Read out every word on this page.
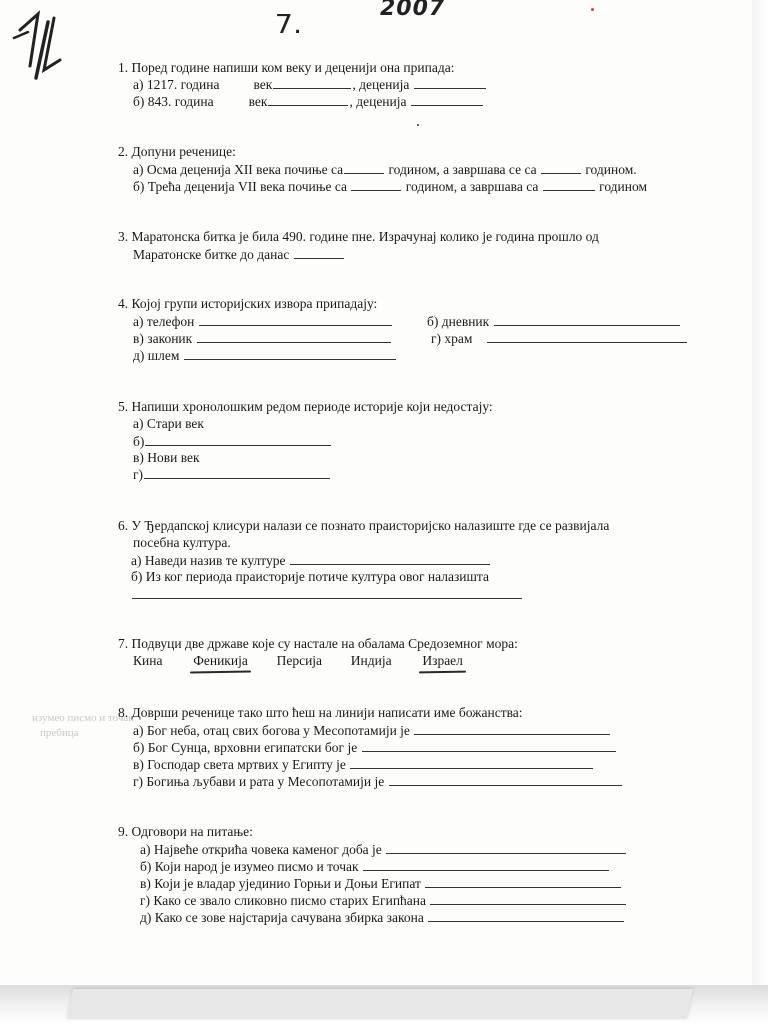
7.
2007
изумео писмо и точак
пребица
1. Поред године напиши ком веку и деценији она припада:
а) 1217. година	век	, деценија
б) 843. година	век	, деценија
2. Допуни реченице:
а) Осма деценија XII века почиње са	годином, а завршава се са	годином.
б) Трећа деценија VII века почиње са	годином, а завршава са	годином
3. Маратонска битка је била 490. године пне. Израчунај колико је година прошло од
Маратонске битке до данас
4. Којој групи историјских извора припадају:
а) телефон	б) дневник
в) законик	г) храм
д) шлем
5. Напиши хронолошким редом периоде историје који недостају:
а) Стари век
б)
в) Нови век
г)
6. У Ђердапској клисури налази се познато праисторијско налазиште где се развијала
посебна култура.
а) Наведи назив те културе
б) Из ког периода праисторије потиче култура овог налазишта
7. Подвуци две државе које су настале на обалама Средоземног мора:
Кина Феникија Персија Индија Израел
8. Доврши реченице тако што ћеш на линији написати име божанства:
а) Бог неба, отац свих богова у Месопотамији је
б) Бог Сунца, врховни египатски бог је
в) Господар света мртвих у Египту је
г) Богиња љубави и рата у Месопотамији је
9. Одговори на питање:
а) Највеће открића човека каменог доба је
б) Који народ је изумео писмо и точак
в) Који је владар ујединио Горњи и Доњи Египат
г) Како се звало сликовно писмо старих Египћана
д) Како се зове најстарија сачувана збирка закона
